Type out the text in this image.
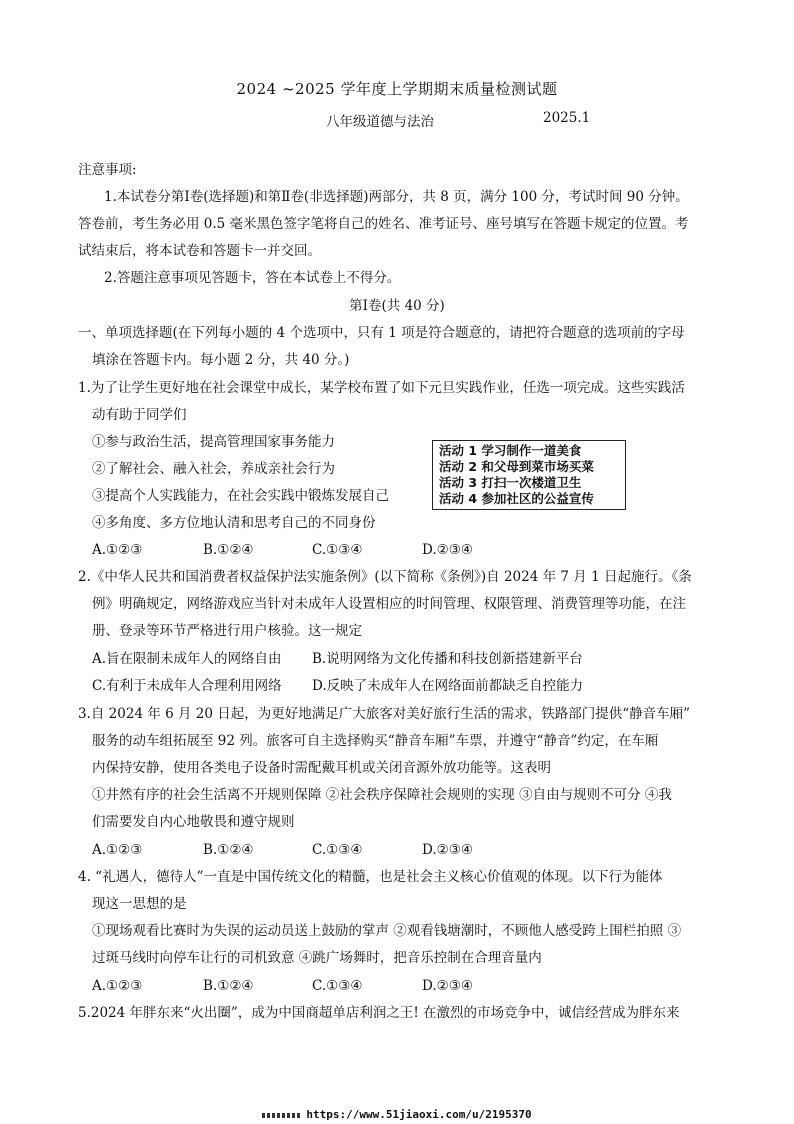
2024 ~2025 学年度上学期期末质量检测试题
八年级道德与法治	2025.1
注意事项:
1.本试卷分第Ⅰ卷(选择题)和第Ⅱ卷(非选择题)两部分，共 8 页，满分 100 分，考试时间 90 分钟。
答卷前，考生务必用 0.5 毫米黑色签字笔将自己的姓名、准考证号、座号填写在答题卡规定的位置。考
试结束后，将本试卷和答题卡一并交回。
2.答题注意事项见答题卡，答在本试卷上不得分。
第Ⅰ卷(共 40 分)
一、单项选择题(在下列每小题的 4 个选项中，只有 1 项是符合题意的，请把符合题意的选项前的字母
填涂在答题卡内。每小题 2 分，共 40 分。)
1.为了让学生更好地在社会课堂中成长，某学校布置了如下元旦实践作业，任选一项完成。这些实践活
动有助于同学们
①参与政治生活，提高管理国家事务能力
②了解社会、融入社会，养成亲社会行为
③提高个人实践能力，在社会实践中锻炼发展自己
④多角度、多方位地认清和思考自己的不同身份
活动 1 学习制作一道美食
活动 2 和父母到菜市场买菜
活动 3 打扫一次楼道卫生
活动 4 参加社区的公益宣传
A.①②③	B.①②④	C.①③④	D.②③④
2.《中华人民共和国消费者权益保护法实施条例》(以下简称《条例》)自 2024 年 7 月 1 日起施行。《条
例》明确规定，网络游戏应当针对未成年人设置相应的时间管理、权限管理、消费管理等功能，在注
册、登录等环节严格进行用户核验。这一规定
A.旨在限制未成年人的网络自由 B.说明网络为文化传播和科技创新搭建新平台
C.有利于未成年人合理利用网络 D.反映了未成年人在网络面前都缺乏自控能力
3.自 2024 年 6 月 20 日起，为更好地满足广大旅客对美好旅行生活的需求，铁路部门提供“静音车厢”
服务的动车组拓展至 92 列。旅客可自主选择购买“静音车厢”车票，并遵守“静音”约定，在车厢
内保持安静，使用各类电子设备时需配戴耳机或关闭音源外放功能等。这表明
①井然有序的社会生活离不开规则保障 ②社会秩序保障社会规则的实现 ③自由与规则不可分 ④我
们需要发自内心地敬畏和遵守规则
A.①②③	B.①②④	C.①③④	D.②③④
4. “礼遇人，德待人”一直是中国传统文化的精髓，也是社会主义核心价值观的体现。以下行为能体
现这一思想的是
①现场观看比赛时为失误的运动员送上鼓励的掌声 ②观看钱塘潮时，不顾他人感受跨上围栏拍照 ③
过斑马线时向停车让行的司机致意 ④跳广场舞时，把音乐控制在合理音量内
A.①②③	B.①②④	C.①③④	D.②③④
5.2024 年胖东来“火出圈”，成为中国商超单店利润之王! 在激烈的市场竞争中，诚信经营成为胖东来
https://www.51jiaoxi.com/u/2195370
